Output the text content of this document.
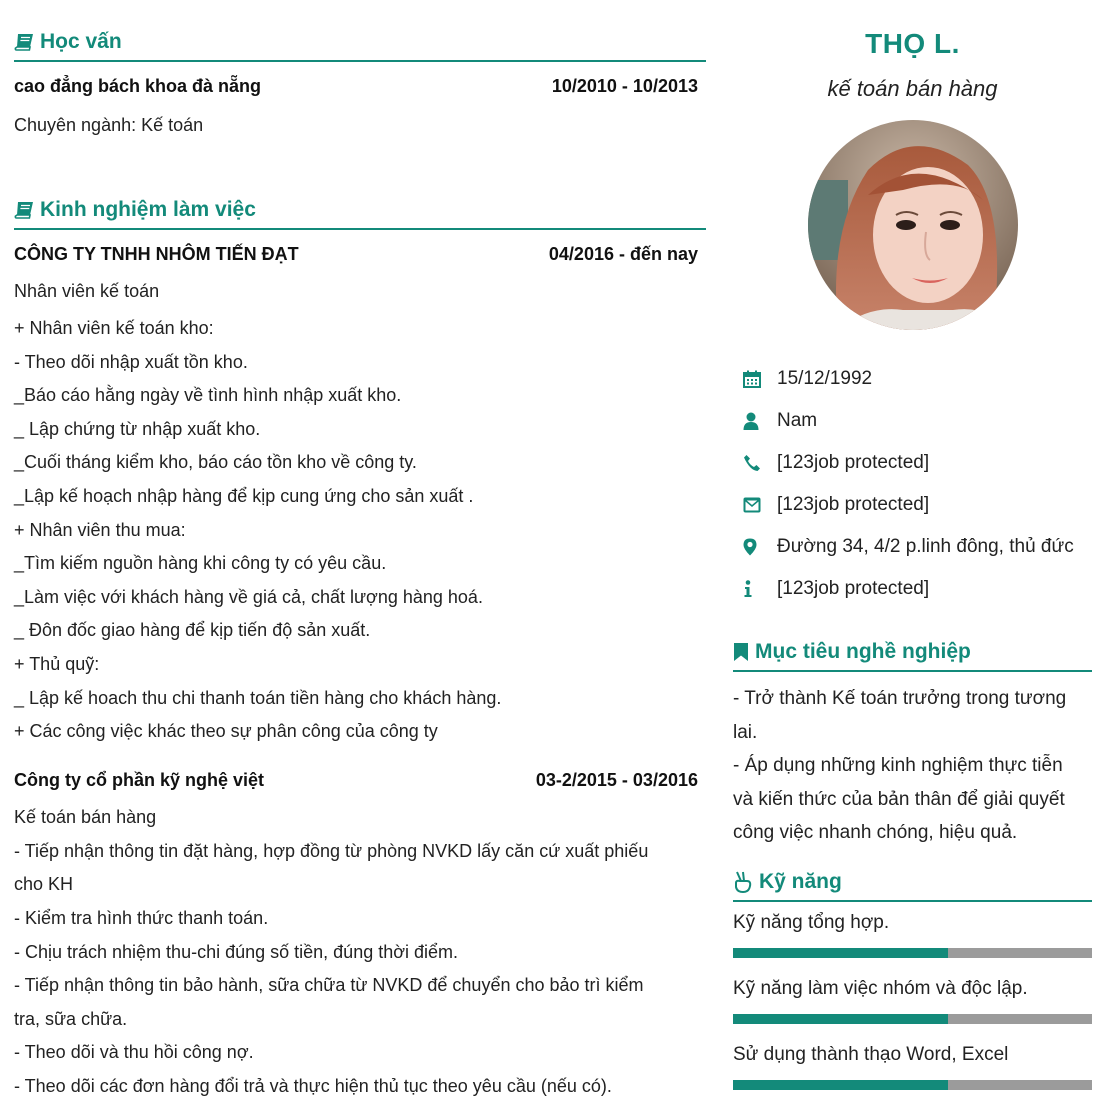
Học vấn
cao đẳng bách khoa đà nẵng	10/2010 - 10/2013
Chuyên ngành: Kế toán
Kinh nghiệm làm việc
CÔNG TY TNHH NHÔM TIẾN ĐẠT	04/2016 - đến nay
Nhân viên kế toán
+ Nhân viên kế toán kho:
- Theo dõi nhập xuất tồn kho.
_Báo cáo hằng ngày về tình hình nhập xuất kho.
_ Lập chứng từ nhập xuất kho.
_Cuối tháng kiểm kho, báo cáo tồn kho về công ty.
_Lập kế hoạch nhập hàng để kịp cung ứng cho sản xuất .
+ Nhân viên thu mua:
_Tìm kiếm nguồn hàng khi công ty có yêu cầu.
_Làm việc với khách hàng về giá cả, chất lượng hàng hoá.
_ Đôn đốc giao hàng để kịp tiến độ sản xuất.
+ Thủ quỹ:
_ Lập kế hoach thu chi thanh toán tiền hàng cho khách hàng.
+ Các công việc khác theo sự phân công của công ty
Công ty cổ phần kỹ nghệ việt	03-2/2015 - 03/2016
Kế toán bán hàng
- Tiếp nhận thông tin đặt hàng, hợp đồng từ phòng NVKD lấy căn cứ xuất phiếu
cho KH
- Kiểm tra hình thức thanh toán.
- Chịu trách nhiệm thu-chi đúng số tiền, đúng thời điểm.
- Tiếp nhận thông tin bảo hành, sữa chữa từ NVKD để chuyển cho bảo trì kiểm
tra, sữa chữa.
- Theo dõi và thu hồi công nợ.
- Theo dõi các đơn hàng đổi trả và thực hiện thủ tục theo yêu cầu (nếu có).
THỌ L.
kế toán bán hàng
15/12/1992
Nam
[123job protected]
[123job protected]
Đường 34, 4/2 p.linh đông, thủ đức
[123job protected]
Mục tiêu nghề nghiệp
- Trở thành Kế toán trưởng trong tương
lai.
- Áp dụng những kinh nghiệm thực tiễn
và kiến thức của bản thân để giải quyết
công việc nhanh chóng, hiệu quả.
Kỹ năng
Kỹ năng tổng hợp.
Kỹ năng làm việc nhóm và độc lập.
Sử dụng thành thạo Word, Excel
